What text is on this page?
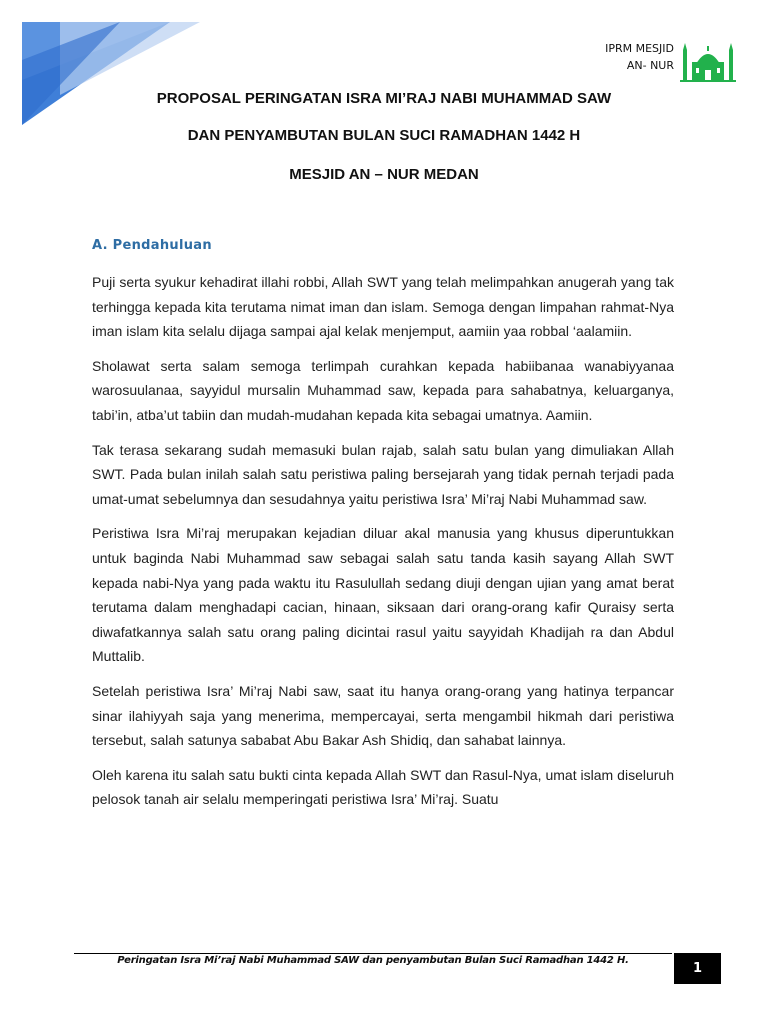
IPRM MESJID
AN- NUR
PROPOSAL PERINGATAN ISRA MI’RAJ NABI MUHAMMAD SAW
DAN PENYAMBUTAN BULAN SUCI RAMADHAN 1442 H
MESJID AN – NUR MEDAN
A. Pendahuluan

Puji serta syukur kehadirat illahi robbi, Allah SWT yang telah melimpahkan anugerah yang tak terhingga kepada kita terutama nimat iman dan islam. Semoga dengan limpahan rahmat-Nya iman islam kita selalu dijaga sampai ajal kelak menjemput, aamiin yaa robbal ‘aalamiin.

Sholawat serta salam semoga terlimpah curahkan kepada habiibanaa wanabiyyanaa warosuulanaa, sayyidul mursalin Muhammad saw, kepada para sahabatnya, keluarganya, tabi’in, atba’ut tabiin dan mudah-mudahan kepada kita sebagai umatnya. Aamiin.

Tak terasa sekarang sudah memasuki bulan rajab, salah satu bulan yang dimuliakan Allah SWT. Pada bulan inilah salah satu peristiwa paling bersejarah yang tidak pernah terjadi pada umat-umat sebelumnya dan sesudahnya yaitu peristiwa Isra’ Mi’raj Nabi Muhammad saw.

Peristiwa Isra Mi’raj merupakan kejadian diluar akal manusia yang khusus diperuntukkan untuk baginda Nabi Muhammad saw sebagai salah satu tanda kasih sayang Allah SWT kepada nabi-Nya yang pada waktu itu Rasulullah sedang diuji dengan ujian yang amat berat terutama dalam menghadapi cacian, hinaan, siksaan dari orang-orang kafir Quraisy serta diwafatkannya salah satu orang paling dicintai rasul yaitu sayyidah Khadijah ra dan Abdul Muttalib.

Setelah peristiwa Isra’ Mi’raj Nabi saw, saat itu hanya orang-orang yang hatinya terpancar sinar ilahiyyah saja yang menerima, mempercayai, serta mengambil hikmah dari peristiwa tersebut, salah satunya sababat Abu Bakar Ash Shidiq, dan sahabat lainnya.

Oleh karena itu salah satu bukti cinta kepada Allah SWT dan Rasul-Nya, umat islam diseluruh pelosok tanah air selalu memperingati peristiwa Isra’ Mi’raj. Suatu

Peringatan Isra Mi’raj Nabi Muhammad SAW dan penyambutan Bulan Suci Ramadhan 1442 H.
1
